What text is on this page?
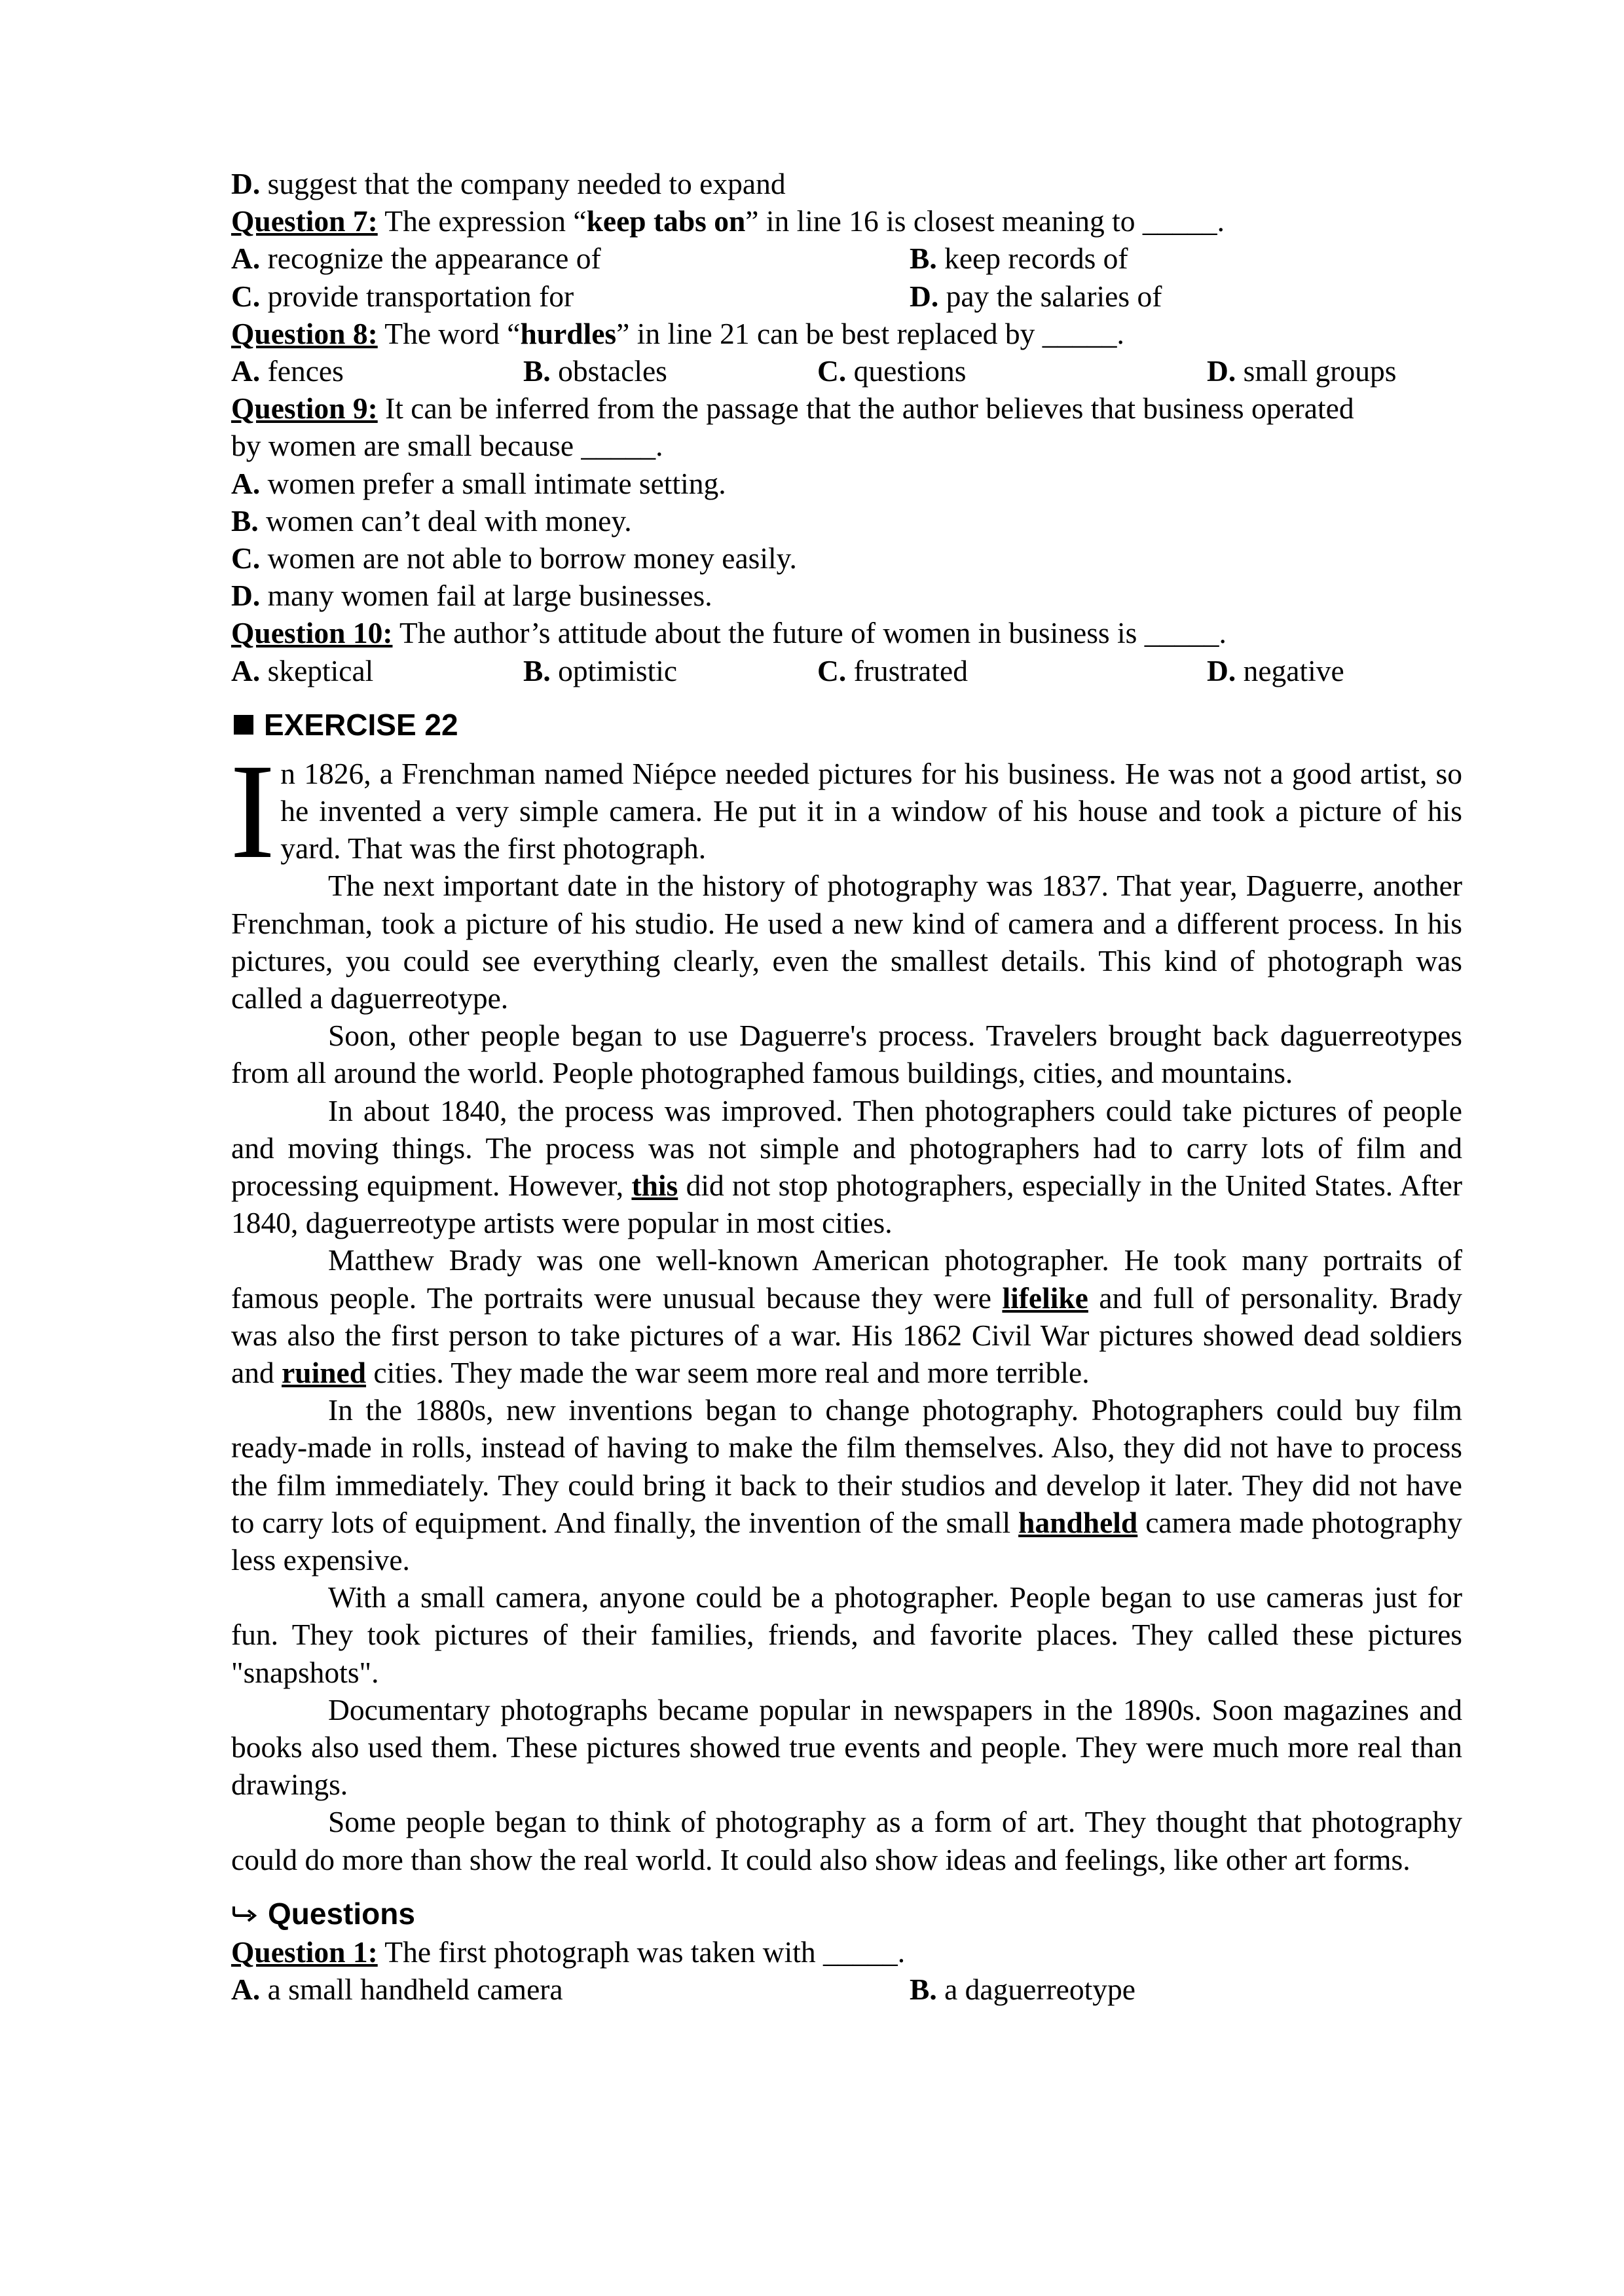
D. suggest that the company needed to expand
Question 7: The expression “keep tabs on” in line 16 is closest meaning to _____.
A. recognize the appearance of	B. keep records of
C. provide transportation for	D. pay the salaries of
Question 8: The word “hurdles” in line 21 can be best replaced by _____.
A. fences	B. obstacles	C. questions	D. small groups
Question 9: It can be inferred from the passage that the author believes that business operated
by women are small because _____.
A. women prefer a small intimate setting.
B. women can’t deal with money.
C. women are not able to borrow money easily.
D. many women fail at large businesses.
Question 10: The author’s attitude about the future of women in business is _____.
A. skeptical	B. optimistic	C. frustrated	D. negative
EXERCISE 22

In 1826, a Frenchman named Niépce needed pictures for his business. He was not a good artist, so he invented a very simple camera. He put it in a window of his house and took a picture of his yard. That was the first photograph.

The next important date in the history of photography was 1837. That year, Daguerre, another Frenchman, took a picture of his studio. He used a new kind of camera and a different process. In his pictures, you could see everything clearly, even the smallest details. This kind of photograph was called a daguerreotype.

Soon, other people began to use Daguerre's process. Travelers brought back daguerreotypes from all around the world. People photographed famous buildings, cities, and mountains.

In about 1840, the process was improved. Then photographers could take pictures of people and moving things. The process was not simple and photographers had to carry lots of film and processing equipment. However, this did not stop photographers, especially in the United States. After 1840, daguerreotype artists were popular in most cities.

Matthew Brady was one well-known American photographer. He took many portraits of famous people. The portraits were unusual because they were lifelike and full of personality. Brady was also the first person to take pictures of a war. His 1862 Civil War pictures showed dead soldiers and ruined cities. They made the war seem more real and more terrible.

In the 1880s, new inventions began to change photography. Photographers could buy film ready-made in rolls, instead of having to make the film themselves. Also, they did not have to process the film immediately. They could bring it back to their studios and develop it later. They did not have to carry lots of equipment. And finally, the invention of the small handheld camera made photography less expensive.

With a small camera, anyone could be a photographer. People began to use cameras just for fun. They took pictures of their families, friends, and favorite places. They called these pictures "snapshots".

Documentary photographs became popular in newspapers in the 1890s. Soon magazines and books also used them. These pictures showed true events and people. They were much more real than drawings.

Some people began to think of photography as a form of art. They thought that photography could do more than show the real world. It could also show ideas and feelings, like other art forms.

Questions
Question 1: The first photograph was taken with _____.
A. a small handheld camera	B. a daguerreotype
